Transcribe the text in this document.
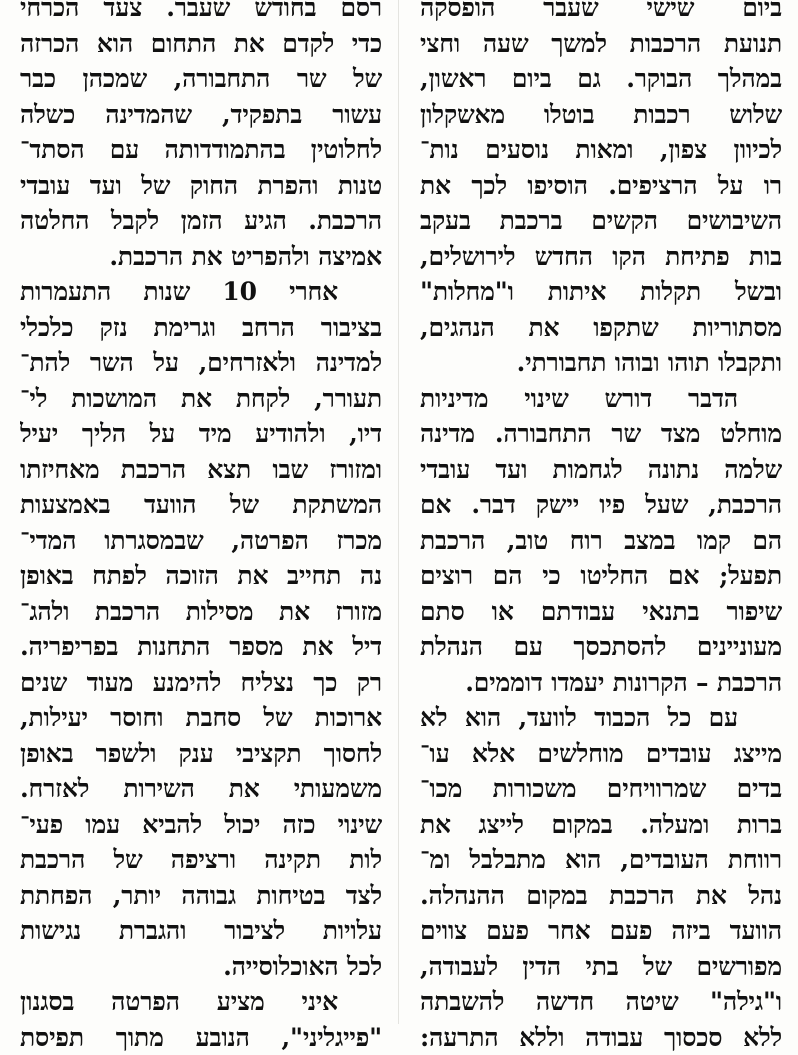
ביום שישי שעבר הופסקה
תנועת הרכבות למשך שעה וחצי
במהלך הבוקר. גם ביום ראשון,
שלוש רכבות בוטלו מאשקלון
לכיוון צפון, ומאות נוסעים נות־
רו על הרציפים. הוסיפו לכך את
השיבושים הקשים ברכבת בעקב
בות פתיחת הקו החדש לירושלים,
ובשל תקלות איתות ו"מחלות"
מסתוריות שתקפו את הנהגים,
ותקבלו תוהו ובוהו תחבורתי.
הדבר דורש שינוי מדיניות
מוחלט מצד שר התחבורה. מדינה
שלמה נתונה לגחמות ועד עובדי
הרכבת, שעל פיו יישק דבר. אם
הם קמו במצב רוח טוב, הרכבת
תפעל; אם החליטו כי הם רוצים
שיפור בתנאי עבודתם או סתם
מעוניינים להסתכסך עם הנהלת
הרכבת – הקרונות יעמדו דוממים.
עם כל הכבוד לוועד, הוא לא
מייצג עובדים מוחלשים אלא עו־
בדים שמרוויחים משכורות מכו־
ברות ומעלה. במקום לייצג את
רווחת העובדים, הוא מתבלבל ומ־
נהל את הרכבת במקום ההנהלה.
הוועד ביזה פעם אחר פעם צווים
מפורשים של בתי הדין לעבודה,
ו"גילה" שיטה חדשה להשבתה
ללא סכסוך עבודה וללא התרעה:
רסם בחודש שעבר. צעד הכרחי
כדי לקדם את התחום הוא הכרזה
של שר התחבורה, שמכהן כבר
עשור בתפקיד, שהמדינה כשלה
לחלוטין בהתמודדותה עם הסתד־
טנות והפרת החוק של ועד עובדי
הרכבת. הגיע הזמן לקבל החלטה
אמיצה ולהפריט את הרכבת.
אחרי 10 שנות התעמרות
בציבור הרחב וגרימת נזק כלכלי
למדינה ולאזרחים, על השר להת־
תעורר, לקחת את המושכות לי־
דיו, ולהודיע מיד על הליך יעיל
ומזורז שבו תצא הרכבת מאחיזתו
המשתקת של הוועד באמצעות
מכרז הפרטה, שבמסגרתו המדי־
נה תחייב את הזוכה לפתח באופן
מזורז את מסילות הרכבת ולהג־
דיל את מספר התחנות בפריפריה.
רק כך נצליח להימנע מעוד שנים
ארוכות של סחבת וחוסר יעילות,
לחסוך תקציבי ענק ולשפר באופן
משמעותי את השירות לאזרח.
שינוי כזה יכול להביא עמו פעי־
לות תקינה ורציפה של הרכבת
לצד בטיחות גבוהה יותר, הפחתת
עלויות לציבור והגברת נגישות
לכל האוכלוסייה.
איני מציע הפרטה בסגנון
"פייגליני", הנובע מתוך תפיסת
